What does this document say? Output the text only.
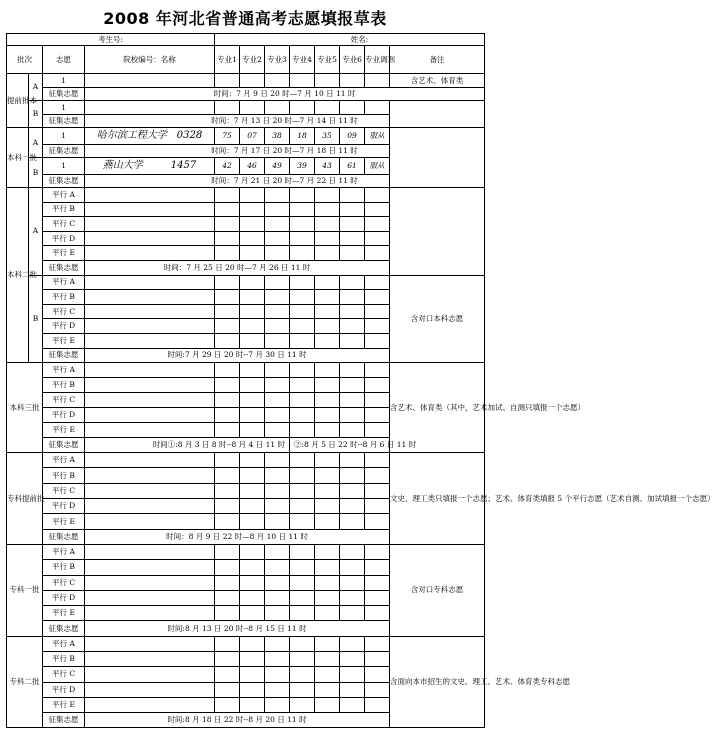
2008 年河北省普通高考志愿填报草表
考生号:				姓名:							
批次		志愿	院校编号：名称	专业1	专业2	专业3	专业4	专业5	专业6	专业调剂	备注
提前批本	A	1									含艺术、体育类
		征集志愿	时间：7 月 9 日 20 时—7 月 10 日 11 时								
	B	1									
		征集志愿	时间：7 月 13 日 20 时—7 月 14 日 11 时								
本科一批	A	1	哈尔滨工程大学 0328	75	07	38	18	35	09	服从	
		征集志愿	时间：7 月 17 日 20 时—7 月 18 日 11 时								
	B	1	燕山大学 1457	42	46	49	39	43	61	服从	
		征集志愿	时间：7 月 21 日 20 时—7 月 22 日 11 时								
本科二批	A	平行 A									
		平行 B									
		平行 C									
		平行 D									
		平行 E									
		征集志愿	时间：7 月 25 日 20 时—7 月 26 日 11 时								
	B	平行 A									含对口本科志愿
		平行 B									
		平行 C									
		平行 D									
		平行 E									
		征集志愿	时间:7 月 29 日 20 时--7 月 30 日 11 时								
本科三批		平行 A									含艺术、体育类（其中，艺术加试、自测只填报一个志愿）
		平行 B									
		平行 C									
		平行 D									
		平行 E									
		征集志愿	时间①:8 月 3 日 8 时--8 月 4 日 11 时				②:8 月 5 日 22 时--8 月 6 日 11 时				
专科提前批		平行 A									文史、理工类只填报一个志愿；艺术、体育类填报 5 个平行志愿（艺术自测、加试填报一个志愿）
		平行 B									
		平行 C									
		平行 D									
		平行 E									
		征集志愿	时间：8 月 9 日 22 时—8 月 10 日 11 时								
专科一批		平行 A									含对口专科志愿
		平行 B									
		平行 C									
		平行 D									
		平行 E									
		征集志愿	时间:8 月 13 日 20 时--8 月 15 日 11 时								
专科二批		平行 A									含面向本市招生的文史、理工、艺术、体育类专科志愿
		平行 B									
		平行 C									
		平行 D									
		平行 E									
		征集志愿	时间:8 月 18 日 22 时--8 月 20 日 11 时								
